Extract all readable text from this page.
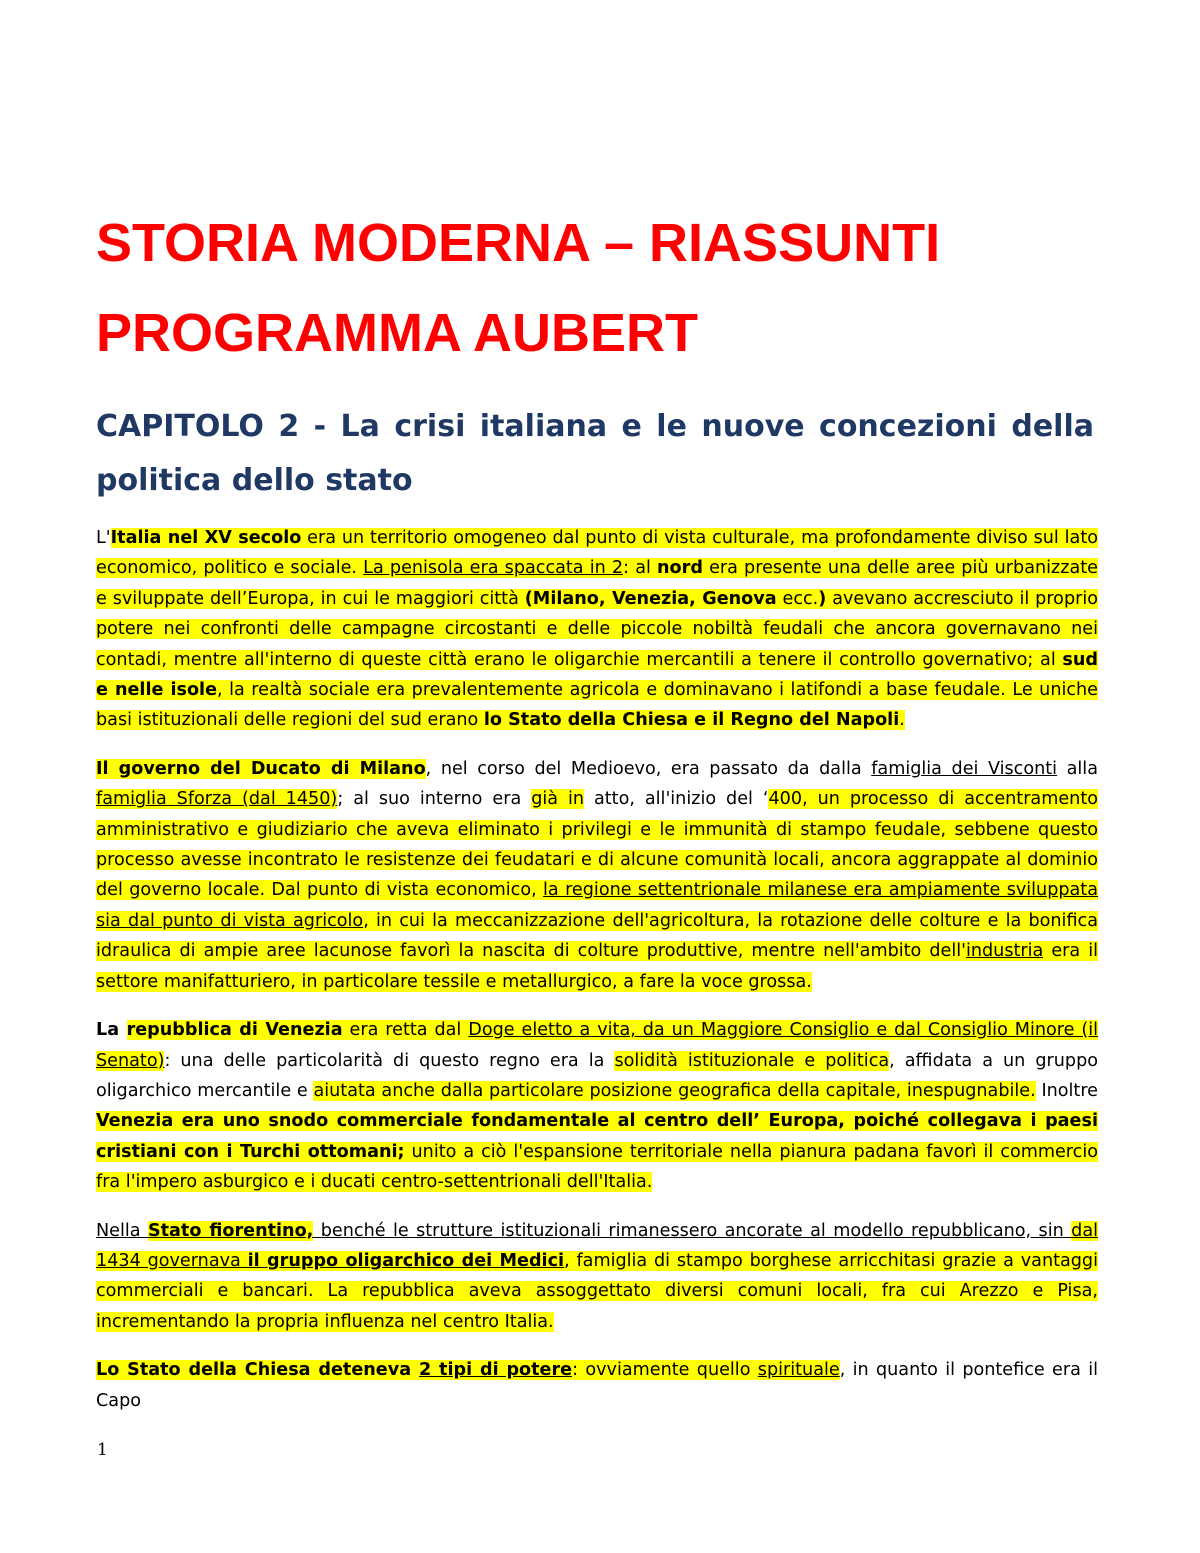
STORIA MODERNA – RIASSUNTI PROGRAMMA AUBERT
CAPITOLO 2 - La crisi italiana e le nuove concezioni della politica dello stato

L'Italia nel XV secolo era un territorio omogeneo dal punto di vista culturale, ma profondamente diviso sul lato economico, politico e sociale. La penisola era spaccata in 2: al nord era presente una delle aree più urbanizzate e sviluppate dell’Europa, in cui le maggiori città (Milano, Venezia, Genova ecc.) avevano accresciuto il proprio potere nei confronti delle campagne circostanti e delle piccole nobiltà feudali che ancora governavano nei contadi, mentre all'interno di queste città erano le oligarchie mercantili a tenere il controllo governativo; al sud e nelle isole, la realtà sociale era prevalentemente agricola e dominavano i latifondi a base feudale. Le uniche basi istituzionali delle regioni del sud erano lo Stato della Chiesa e il Regno del Napoli.

Il governo del Ducato di Milano, nel corso del Medioevo, era passato da dalla famiglia dei Visconti alla famiglia Sforza (dal 1450); al suo interno era già in atto, all'inizio del ‘400, un processo di accentramento amministrativo e giudiziario che aveva eliminato i privilegi e le immunità di stampo feudale, sebbene questo processo avesse incontrato le resistenze dei feudatari e di alcune comunità locali, ancora aggrappate al dominio del governo locale. Dal punto di vista economico, la regione settentrionale milanese era ampiamente sviluppata sia dal punto di vista agricolo, in cui la meccanizzazione dell'agricoltura, la rotazione delle colture e la bonifica idraulica di ampie aree lacunose favorì la nascita di colture produttive, mentre nell'ambito dell'industria era il settore manifatturiero, in particolare tessile e metallurgico, a fare la voce grossa.

La repubblica di Venezia era retta dal Doge eletto a vita, da un Maggiore Consiglio e dal Consiglio Minore (il Senato): una delle particolarità di questo regno era la solidità istituzionale e politica, affidata a un gruppo oligarchico mercantile e aiutata anche dalla particolare posizione geografica della capitale, inespugnabile. Inoltre Venezia era uno snodo commerciale fondamentale al centro dell’ Europa, poiché collegava i paesi cristiani con i Turchi ottomani; unito a ciò l'espansione territoriale nella pianura padana favorì il commercio fra l'impero asburgico e i ducati centro-settentrionali dell'Italia.

Nella Stato fiorentino, benché le strutture istituzionali rimanessero ancorate al modello repubblicano, sin dal 1434 governava il gruppo oligarchico dei Medici, famiglia di stampo borghese arricchitasi grazie a vantaggi commerciali e bancari. La repubblica aveva assoggettato diversi comuni locali, fra cui Arezzo e Pisa, incrementando la propria influenza nel centro Italia.

Lo Stato della Chiesa deteneva 2 tipi di potere: ovviamente quello spirituale, in quanto il pontefice era il Capo

1
